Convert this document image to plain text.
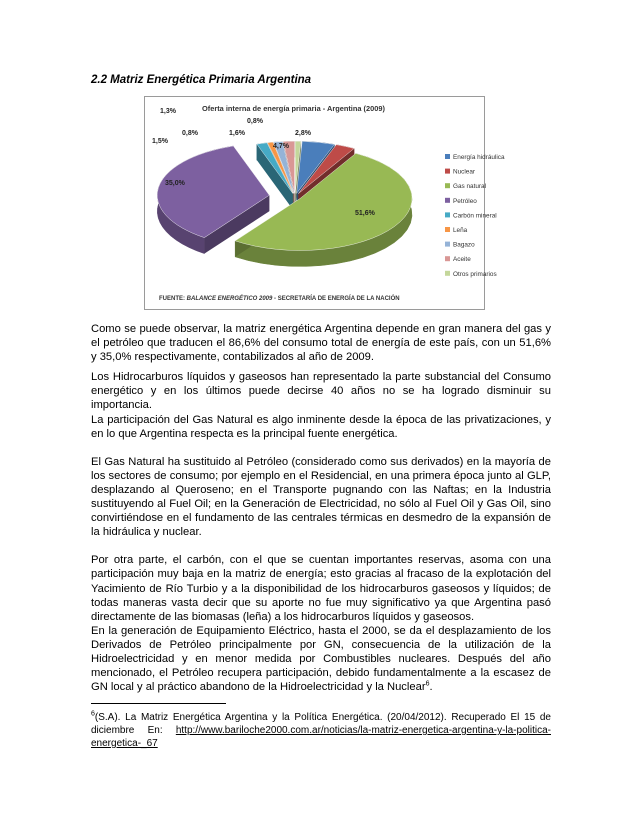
2.2 Matriz Energética Primaria Argentina
Oferta interna de energía primaria - Argentina (2009)
4,7%
2,8%
51,6%
35,0%
1,5%
0,8%
1,3%
1,6%
0,8%
Energía hidráulica
Nuclear
Gas natural
Petróleo
Carbón mineral
Leña
Bagazo
Aceite
Otros primarios
FUENTE: BALANCE ENERGÉTICO 2009 - SECRETARÍA DE ENERGÍA DE LA NACIÓN

Como se puede observar, la matriz energética Argentina depende en gran manera del gas y el petróleo que traducen el 86,6% del consumo total de energía de este país, con un 51,6% y 35,0% respectivamente, contabilizados al año de 2009.

Los Hidrocarburos líquidos y gaseosos han representado la parte substancial del Consumo energético y en los últimos puede decirse 40 años no se ha logrado disminuir su importancia.

La participación del Gas Natural es algo inminente desde la época de las privatizaciones, y en lo que Argentina respecta es la principal fuente energética.

El Gas Natural ha sustituido al Petróleo (considerado como sus derivados) en la mayoría de los sectores de consumo; por ejemplo en el Residencial, en una primera época junto al GLP, desplazando al Queroseno; en el Transporte pugnando con las Naftas; en la Industria sustituyendo al Fuel Oil; en la Generación de Electricidad, no sólo al Fuel Oil y Gas Oil, sino convirtiéndose en el fundamento de las centrales térmicas en desmedro de la expansión de la hidráulica y nuclear.

Por otra parte, el carbón, con el que se cuentan importantes reservas, asoma con una participación muy baja en la matriz de energía; esto gracias al fracaso de la explotación del Yacimiento de Río Turbio y a la disponibilidad de los hidrocarburos gaseosos y líquidos; de todas maneras vasta decir que su aporte no fue muy significativo ya que Argentina pasó directamente de las biomasas (leña) a los hidrocarburos líquidos y gaseosos.

En la generación de Equipamiento Eléctrico, hasta el 2000, se da el desplazamiento de los Derivados de Petróleo principalmente por GN, consecuencia de la utilización de la Hidroelectricidad y en menor medida por Combustibles nucleares. Después del año mencionado, el Petróleo recupera participación, debido fundamentalmente a la escasez de GN local y al práctico abandono de la Hidroelectricidad y la Nuclear$^6$.

$^6$(S.A). La Matriz Energética Argentina y la Política Energética. (20/04/2012). Recuperado El 15 de diciembre En: http://www.bariloche2000.com.ar/noticias/la-matriz-energetica-argentina-y-la-politica-energetica-_67
